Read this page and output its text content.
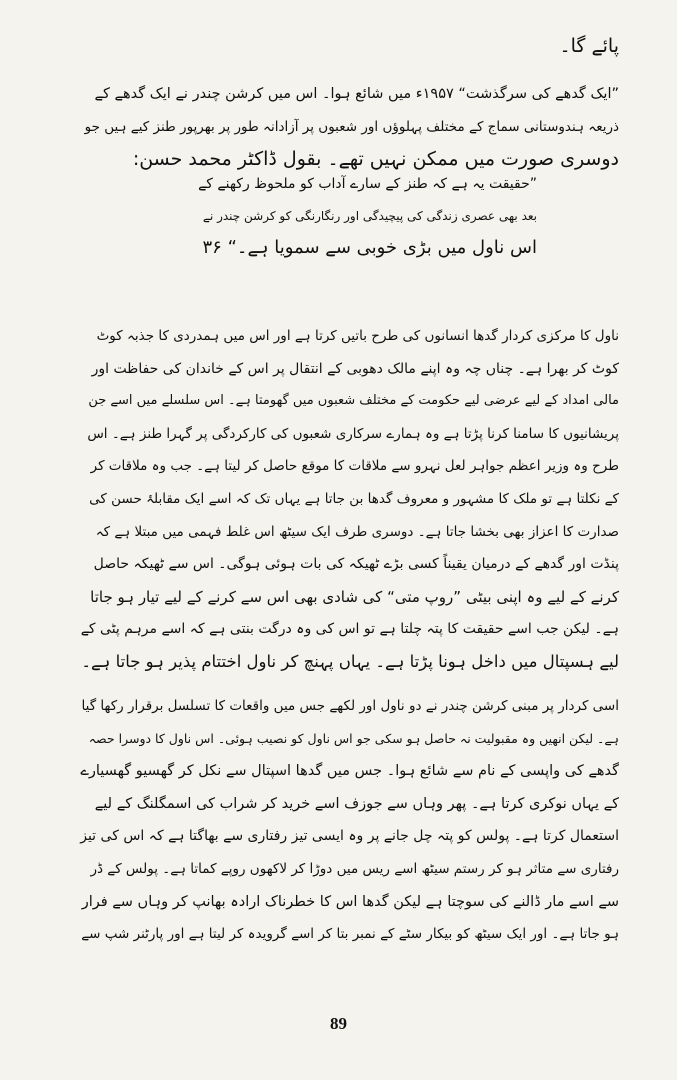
پائے گا۔
”ایک گدھے کی سرگذشت“ ۱۹۵۷ء میں شائع ہوا۔ اس میں کرشن چندر نے ایک گدھے کے
ذریعہ ہندوستانی سماج کے مختلف پہلوؤں اور شعبوں پر آزادانہ طور پر بھرپور طنز کیے ہیں جو
دوسری صورت میں ممکن نہیں تھے۔ بقول ڈاکٹر محمد حسن:
”حقیقت یہ ہے کہ طنز کے سارے آداب کو ملحوظ رکھنے کے
بعد بھی عصری زندگی کی پیچیدگی اور رنگارنگی کو کرشن چندر نے
اس ناول میں بڑی خوبی سے سمویا ہے۔“ ۳۶
ناول کا مرکزی کردار گدھا انسانوں کی طرح باتیں کرتا ہے اور اس میں ہمدردی کا جذبہ کوٹ
کوٹ کر بھرا ہے۔ چناں چہ وہ اپنے مالک دھوبی کے انتقال پر اس کے خاندان کی حفاظت اور
مالی امداد کے لیے عرضی لیے حکومت کے مختلف شعبوں میں گھومتا ہے۔ اس سلسلے میں اسے جن
پریشانیوں کا سامنا کرنا پڑتا ہے وہ ہمارے سرکاری شعبوں کی کارکردگی پر گہرا طنز ہے۔ اس
طرح وہ وزیر اعظم جواہر لعل نہرو سے ملاقات کا موقع حاصل کر لیتا ہے۔ جب وہ ملاقات کر
کے نکلتا ہے تو ملک کا مشہور و معروف گدھا بن جاتا ہے یہاں تک کہ اسے ایک مقابلۂ حسن کی
صدارت کا اعزاز بھی بخشا جاتا ہے۔ دوسری طرف ایک سیٹھ اس غلط فہمی میں مبتلا ہے کہ
پنڈت اور گدھے کے درمیان یقیناً کسی بڑے ٹھیکہ کی بات ہوئی ہوگی۔ اس سے ٹھیکہ حاصل
کرنے کے لیے وہ اپنی بیٹی ”روپ متی“ کی شادی بھی اس سے کرنے کے لیے تیار ہو جاتا
ہے۔ لیکن جب اسے حقیقت کا پتہ چلتا ہے تو اس کی وہ درگت بنتی ہے کہ اسے مرہم پٹی کے
لیے ہسپتال میں داخل ہونا پڑتا ہے۔ یہاں پہنچ کر ناول اختتام پذیر ہو جاتا ہے۔
اسی کردار پر مبنی کرشن چندر نے دو ناول اور لکھے جس میں واقعات کا تسلسل برقرار رکھا گیا
ہے۔ لیکن انھیں وہ مقبولیت نہ حاصل ہو سکی جو اس ناول کو نصیب ہوئی۔ اس ناول کا دوسرا حصہ
گدھے کی واپسی کے نام سے شائع ہوا۔ جس میں گدھا اسپتال سے نکل کر گھسیو گھسیارے
کے یہاں نوکری کرتا ہے۔ پھر وہاں سے جوزف اسے خرید کر شراب کی اسمگلنگ کے لیے
استعمال کرتا ہے۔ پولس کو پتہ چل جانے پر وہ ایسی تیز رفتاری سے بھاگتا ہے کہ اس کی تیز
رفتاری سے متاثر ہو کر رستم سیٹھ اسے ریس میں دوڑا کر لاکھوں روپے کماتا ہے۔ پولس کے ڈر
سے اسے مار ڈالنے کی سوچتا ہے لیکن گدھا اس کا خطرناک ارادہ بھانپ کر وہاں سے فرار
ہو جاتا ہے۔ اور ایک سیٹھ کو بیکار سٹے کے نمبر بتا کر اسے گرویدہ کر لیتا ہے اور پارٹنر شپ سے
89
